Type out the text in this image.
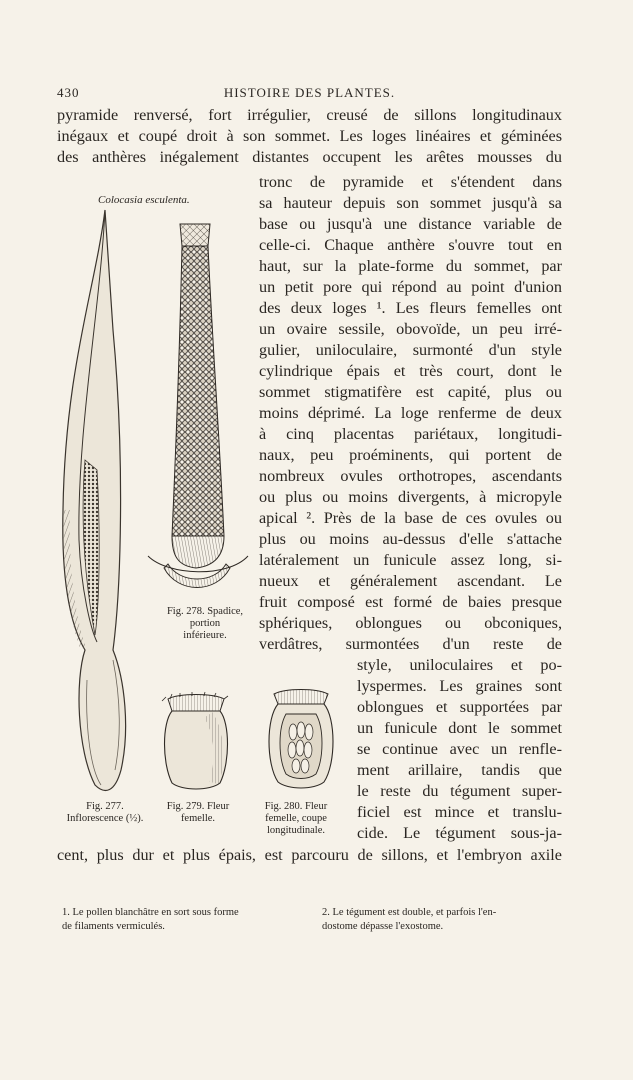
430	HISTOIRE DES PLANTES.
pyramide renversé, fort irrégulier, creusé de sillons longitudinaux
inégaux et coupé droit à son sommet. Les loges linéaires et géminées
des anthères inégalement distantes occupent les arêtes mousses du
tronc de pyramide et s'étendent dans
sa hauteur depuis son sommet jusqu'à sa
base ou jusqu'à une distance variable de
celle-ci. Chaque anthère s'ouvre tout en
haut, sur la plate-forme du sommet, par
un petit pore qui répond au point d'union
des deux loges ¹. Les fleurs femelles ont
un ovaire sessile, obovoïde, un peu irré-
gulier, uniloculaire, surmonté d'un style
cylindrique épais et très court, dont le
sommet stigmatifère est capité, plus ou
moins déprimé. La loge renferme de deux
à cinq placentas pariétaux, longitudi-
naux, peu proéminents, qui portent de
nombreux ovules orthotropes, ascendants
ou plus ou moins divergents, à micropyle
apical ². Près de la base de ces ovules ou
plus ou moins au-dessus d'elle s'attache
latéralement un funicule assez long, si-
nueux et généralement ascendant. Le
fruit composé est formé de baies presque
sphériques, oblongues ou obconiques,
verdâtres, surmontées d'un reste de
style, uniloculaires et po-
lyspermes. Les graines sont
oblongues et supportées par
un funicule dont le sommet
se continue avec un renfle-
ment arillaire, tandis que
le reste du tégument super-
ficiel est mince et translu-
cide. Le tégument sous-ja-
cent, plus dur et plus épais, est parcouru de sillons, et l'embryon axile
Colocasia esculenta.
Fig. 278. Spadice,
portion
inférieure.
Fig. 277.
Inflorescence (½).
Fig. 279. Fleur
femelle.
Fig. 280. Fleur
femelle, coupe
longitudinale.
1. Le pollen blanchâtre en sort sous forme
de filaments vermiculés.
2. Le tégument est double, et parfois l'en-
dostome dépasse l'exostome.
